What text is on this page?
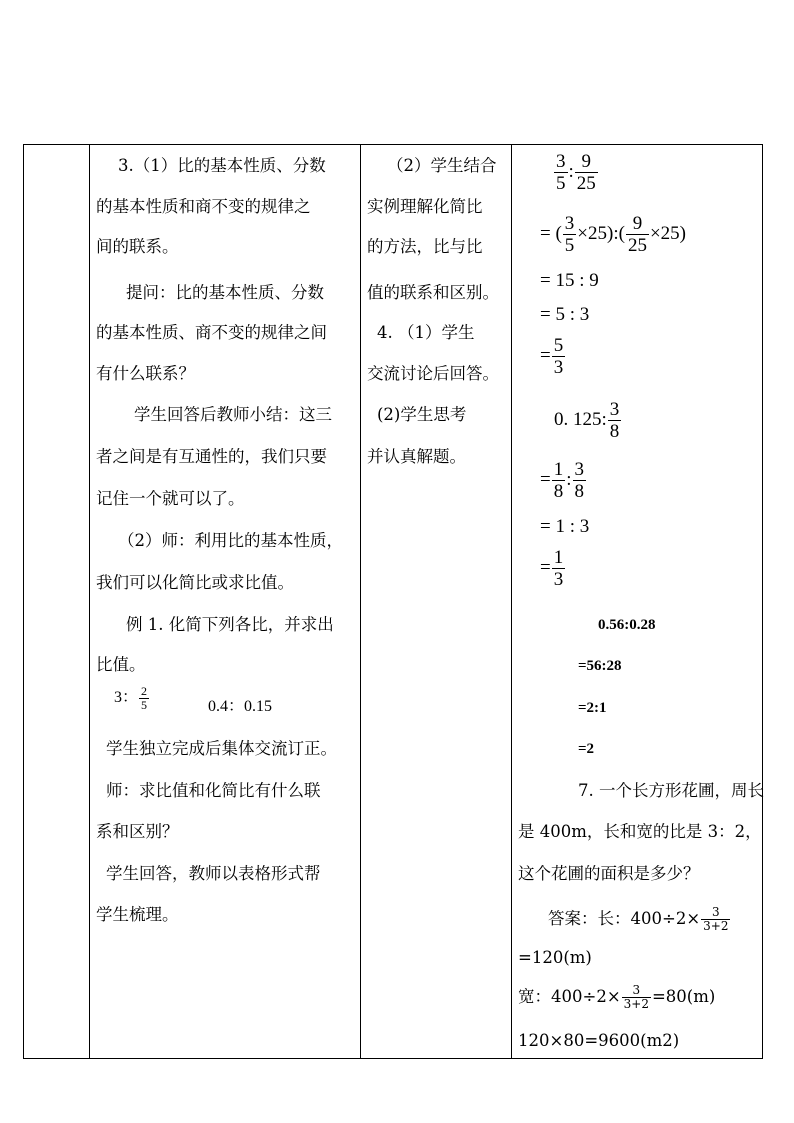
3.（1）比的基本性质、分数
的基本性质和商不变的规律之
间的联系。
提问：比的基本性质、分数
的基本性质、商不变的规律之间
有什么联系？
学生回答后教师小结：这三
者之间是有互通性的，我们只要
记住一个就可以了。
（2）师：利用比的基本性质，
我们可以化简比或求比值。
例 1. 化简下列各比，并求出
比值。
3： $\frac{2}{5}$	0.4：0.15
学生独立完成后集体交流订正。
师：求比值和化简比有什么联
系和区别？
学生回答，教师以表格形式帮
学生梳理。
（2）学生结合
实例理解化简比
的方法，比与比
值的联系和区别。
4. （1）学生
交流讨论后回答。
(2)学生思考
并认真解题。
$\frac{3}{5}$ : $\frac{9}{25}$
= ( $\frac{3}{5}$ ×25):( $\frac{9}{25} \times 25$)
= 15 : 9
= 5 : 3
= $\frac{5}{3}$
0. 125: $\frac{3}{8}$
= $\frac{1}{8}$ : $\frac{3}{8}$
= 1 : 3
= $\frac{1}{3}$
0.56:0.28
=56:28
=2:1
=2
7. 一个长方形花圃，周长
是 400m，长和宽的比是 3：2，
这个花圃的面积是多少？
答案：长：$400\div 2\times \frac{3}{3+2}$
=120(m)
宽：$400\div 2\times \frac{3}{3+2} =80(m)$
120×80=9600(m2)
